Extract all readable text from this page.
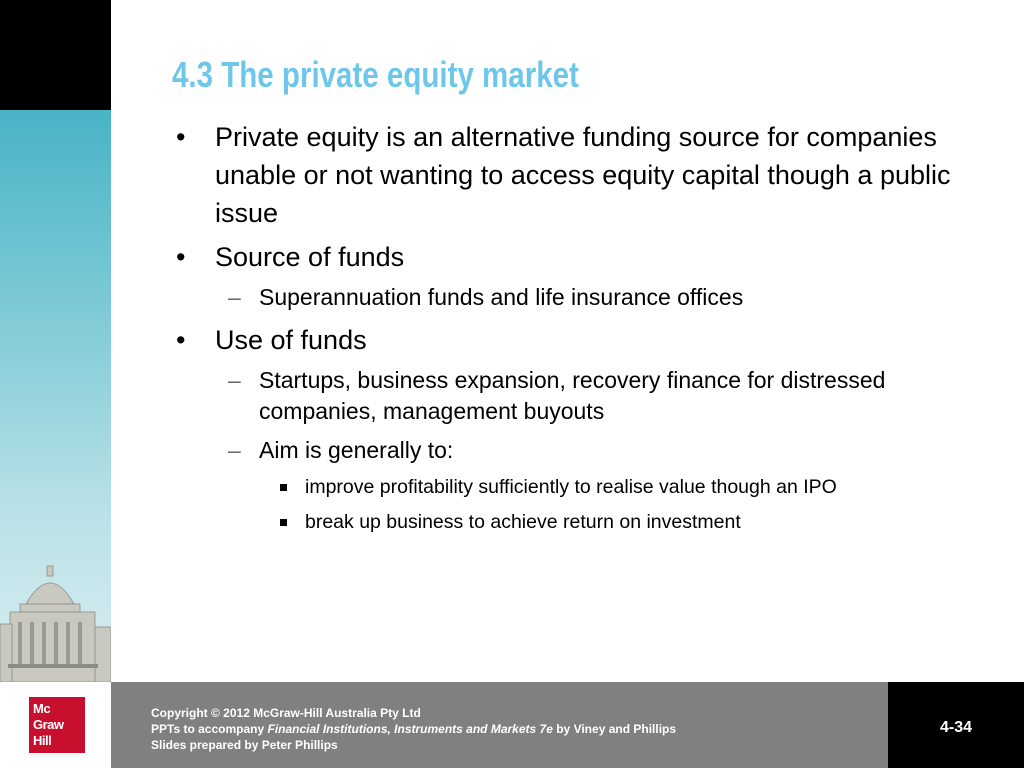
4.3 The private equity market
• Private equity is an alternative funding source for companies unable or not wanting to access equity capital though a public issue
• Source of funds
– Superannuation funds and life insurance offices
• Use of funds
– Startups, business expansion, recovery finance for distressed companies, management buyouts
– Aim is generally to:
improve profitability sufficiently to realise value though an IPO
break up business to achieve return on investment
Mc
Graw
Hill
Copyright © 2012 McGraw-Hill Australia Pty Ltd
PPTs to accompany Financial Institutions, Instruments and Markets 7e by Viney and Phillips
Slides prepared by Peter Phillips
4-34
